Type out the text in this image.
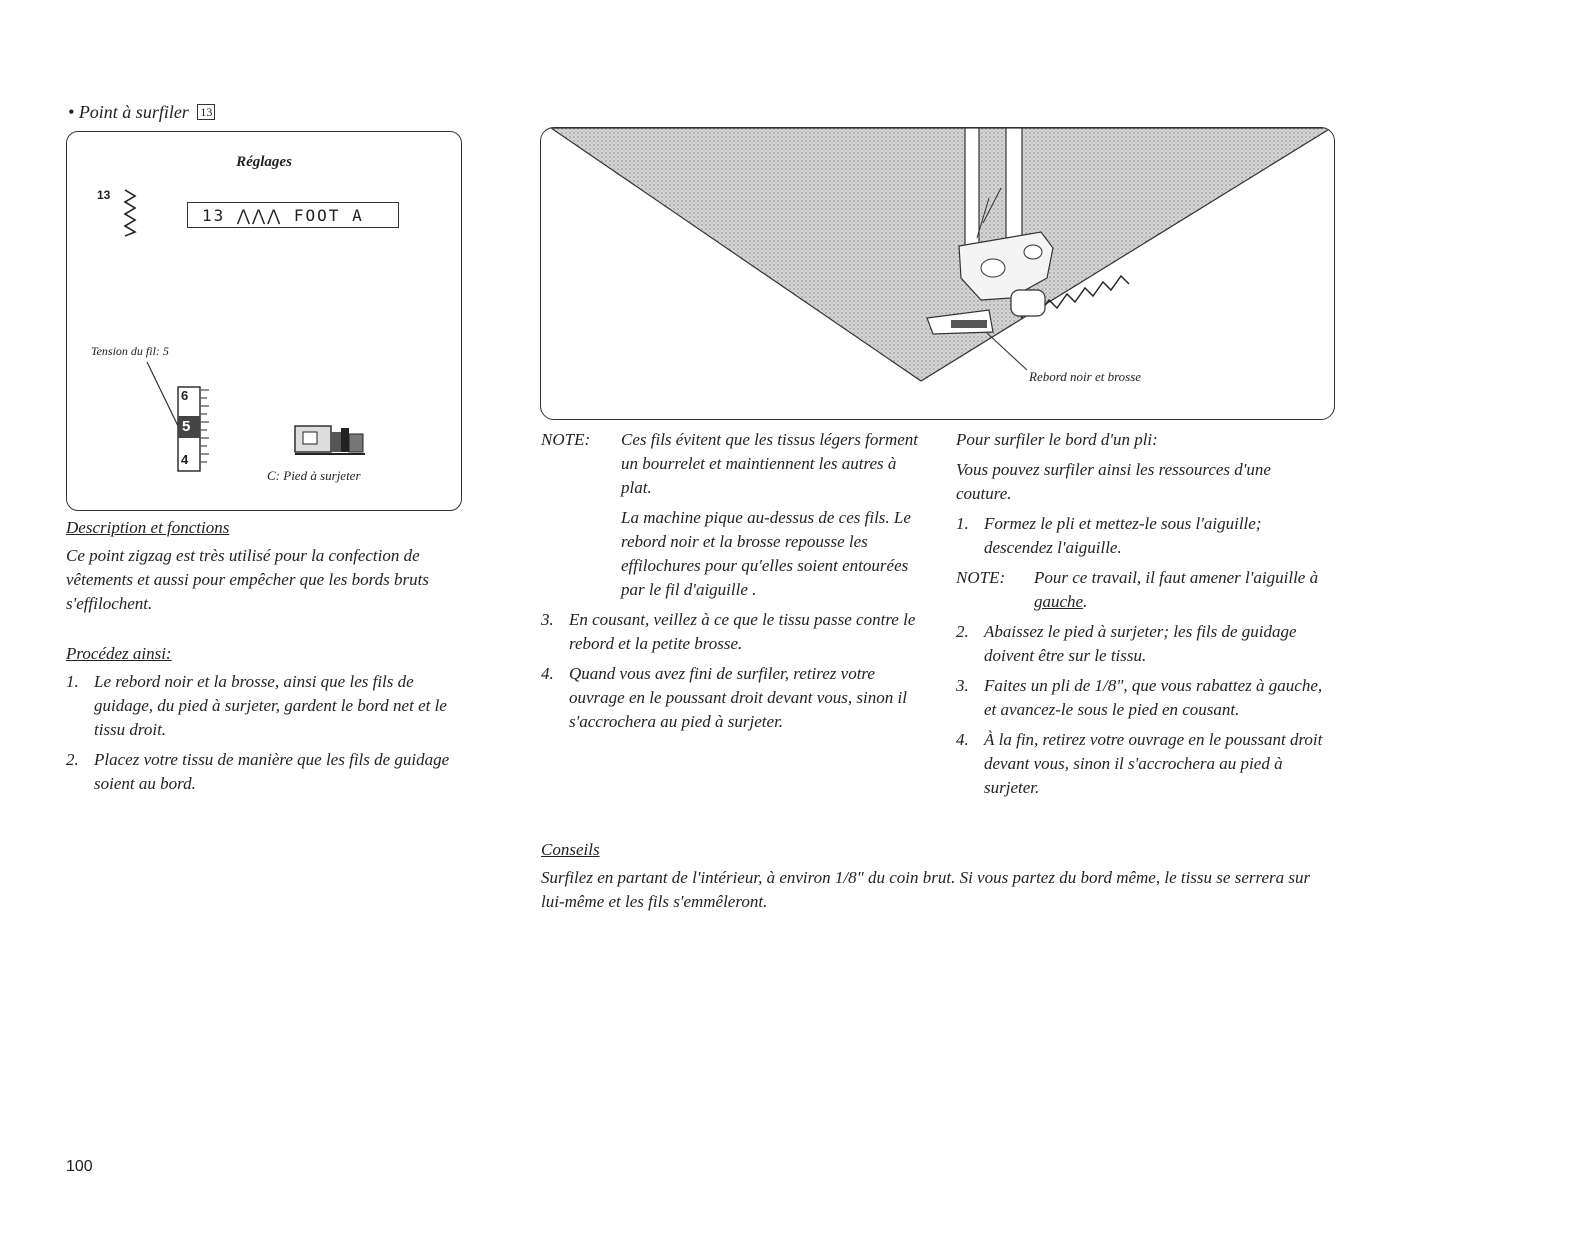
• Point à surfiler 13
Réglages
13
13 ⋀⋀⋀ FOOT A
Tension du fil: 5
6
5
4
C: Pied à surjeter
Rebord noir et brosse
Description et fonctions
Ce point zigzag est très utilisé pour la confection de vêtements et aussi pour empêcher que les bords bruts s'effilochent.
Procédez ainsi:
1. Le rebord noir et la brosse, ainsi que les fils de guidage, du pied à surjeter, gardent le bord net et le tissu droit.
2. Placez votre tissu de manière que les fils de guidage soient au bord.
NOTE: Ces fils évitent que les tissus légers forment un bourrelet et maintiennent les autres à plat.
La machine pique au-dessus de ces fils. Le rebord noir et la brosse repousse les effilochures pour qu'elles soient entourées par le fil d'aiguille .
3. En cousant, veillez à ce que le tissu passe contre le rebord et la petite brosse.
4. Quand vous avez fini de surfiler, retirez votre ouvrage en le poussant droit devant vous, sinon il s'accrochera au pied à surjeter.
Pour surfiler le bord d'un pli:
Vous pouvez surfiler ainsi les ressources d'une couture.
1. Formez le pli et mettez-le sous l'aiguille; descendez l'aiguille.
NOTE: Pour ce travail, il faut amener l'aiguille à gauche.
2. Abaissez le pied à surjeter; les fils de guidage doivent être sur le tissu.
3. Faites un pli de 1/8", que vous rabattez à gauche, et avancez-le sous le pied en cousant.
4. À la fin, retirez votre ouvrage en le poussant droit devant vous, sinon il s'accrochera au pied à surjeter.
Conseils
Surfilez en partant de l'intérieur, à environ 1/8" du coin brut. Si vous partez du bord même, le tissu se serrera sur lui-même et les fils s'emmêleront.
100
